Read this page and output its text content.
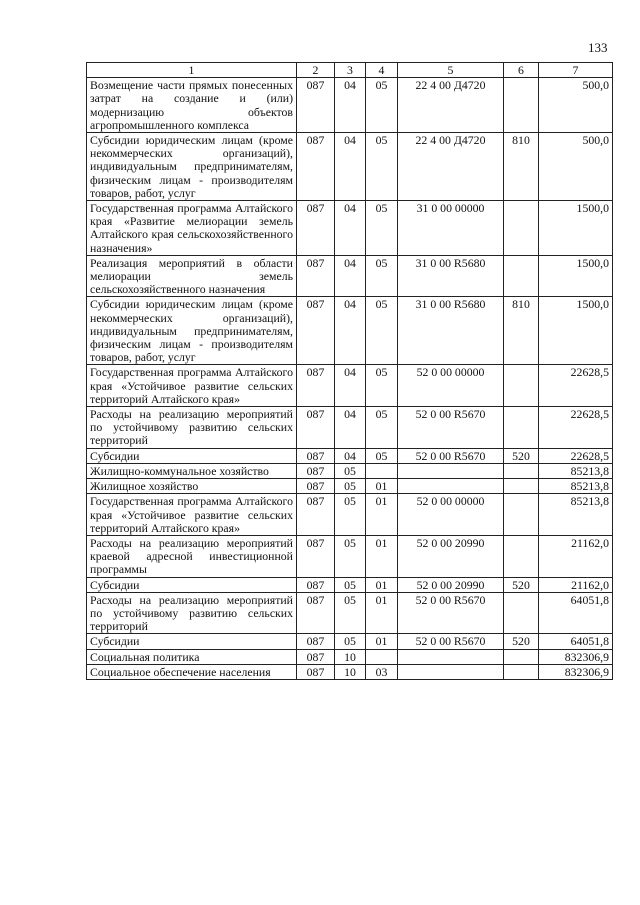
133
1	2	3	4	5	6	7
Возмещение части прямых понесенных затрат на создание и (или) модернизацию объектов агропромышленного комплекса	087	04	05	22 4 00 Д4720		500,0
Субсидии юридическим лицам (кроме некоммерческих организаций), индивидуальным предпринимателям, физическим лицам - производителям товаров, работ, услуг	087	04	05	22 4 00 Д4720	810	500,0
Государственная программа Алтайского края «Развитие мелиорации земель Алтайского края сельскохозяйственного назначения»	087	04	05	31 0 00 00000		1500,0
Реализация мероприятий в области мелиорации земель сельскохозяйственного назначения	087	04	05	31 0 00 R5680		1500,0
Субсидии юридическим лицам (кроме некоммерческих организаций), индивидуальным предпринимателям, физическим лицам - производителям товаров, работ, услуг	087	04	05	31 0 00 R5680	810	1500,0
Государственная программа Алтайского края «Устойчивое развитие сельских территорий Алтайского края»	087	04	05	52 0 00 00000		22628,5
Расходы на реализацию мероприятий по устойчивому развитию сельских территорий	087	04	05	52 0 00 R5670		22628,5
Субсидии	087	04	05	52 0 00 R5670	520	22628,5
Жилищно-коммунальное хозяйство	087	05				85213,8
Жилищное хозяйство	087	05	01			85213,8
Государственная программа Алтайского края «Устойчивое развитие сельских территорий Алтайского края»	087	05	01	52 0 00 00000		85213,8
Расходы на реализацию мероприятий краевой адресной инвестиционной программы	087	05	01	52 0 00 20990		21162,0
Субсидии	087	05	01	52 0 00 20990	520	21162,0
Расходы на реализацию мероприятий по устойчивому развитию сельских территорий	087	05	01	52 0 00 R5670		64051,8
Субсидии	087	05	01	52 0 00 R5670	520	64051,8
Социальная политика	087	10				832306,9
Социальное обеспечение населения	087	10	03			832306,9
